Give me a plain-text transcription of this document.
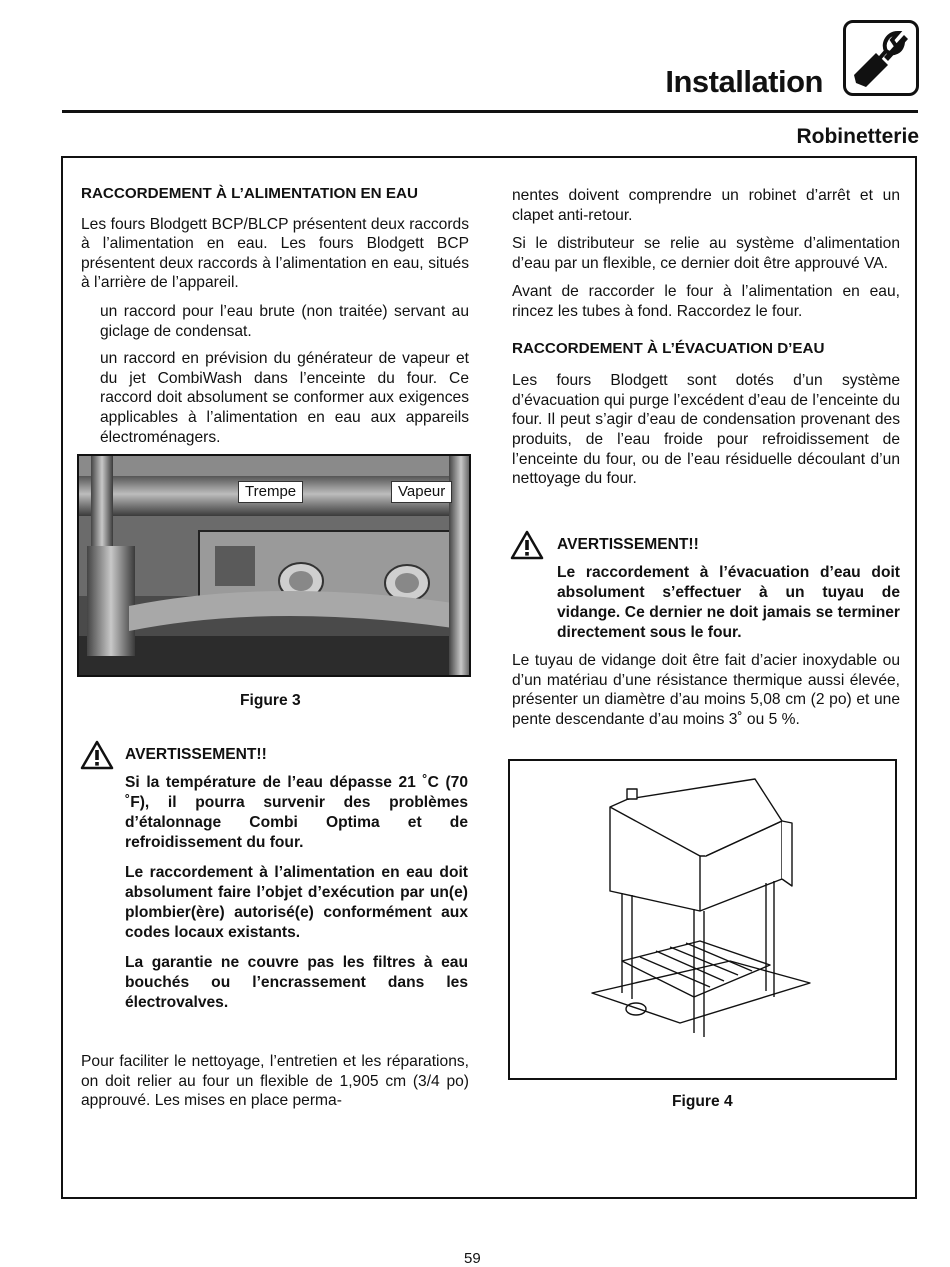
Installation
Robinetterie
RACCORDEMENT À L’ALIMENTATION EN EAU

Les fours Blodgett BCP/BLCP présentent deux raccords à l’alimentation en eau. Les fours Blodgett BCP présentent deux raccords à l’alimentation en eau, situés à l’arrière de l’appareil.

un raccord pour l’eau brute (non traitée) servant au giclage de condensat.

un raccord en prévision du générateur de vapeur et du jet CombiWash dans l’enceinte du four. Ce raccord doit absolument se conformer aux exigences applicables à l’alimentation en eau aux appareils électroménagers.

Trempe	Vapeur
Figure 3
AVERTISSEMENT!!

Si la température de l’eau dépasse 21 ˚C (70 ˚F), il pourra survenir des problèmes d’étalonnage Combi Optima et de refroidissement du four.

Le raccordement à l’alimentation en eau doit absolument faire l’objet d’exécution par un(e) plombier(ère) autorisé(e) conformément aux codes locaux existants.

La garantie ne couvre pas les filtres à eau bouchés ou l’encrassement dans les électrovalves.

Pour faciliter le nettoyage, l’entretien et les réparations, on doit relier au four un flexible de 1,905 cm (3/4 po) approuvé. Les mises en place perma-

nentes doivent comprendre un robinet d’arrêt et un clapet anti-retour.

Si le distributeur se relie au système d’alimentation d’eau par un flexible, ce dernier doit être approuvé VA.

Avant de raccorder le four à l’alimentation en eau, rincez les tubes à fond. Raccordez le four.

RACCORDEMENT À L’ÉVACUATION D’EAU

Les fours Blodgett sont dotés d’un système d’évacuation qui purge l’excédent d’eau de l’enceinte du four. Il peut s’agir d’eau de condensation provenant des produits, de l’eau froide pour refroidissement de l’enceinte du four, ou de l’eau résiduelle découlant d’un nettoyage du four.

AVERTISSEMENT!!

Le raccordement à l’évacuation d’eau doit absolument s’effectuer à un tuyau de vidange. Ce dernier ne doit jamais se terminer directement sous le four.

Le tuyau de vidange doit être fait d’acier inoxydable ou d’un matériau d’une résistance thermique aussi élevée, présenter un diamètre d’au moins 5,08 cm (2 po) et une pente descendante d’au moins 3˚ ou 5 %.

Figure 4
59
